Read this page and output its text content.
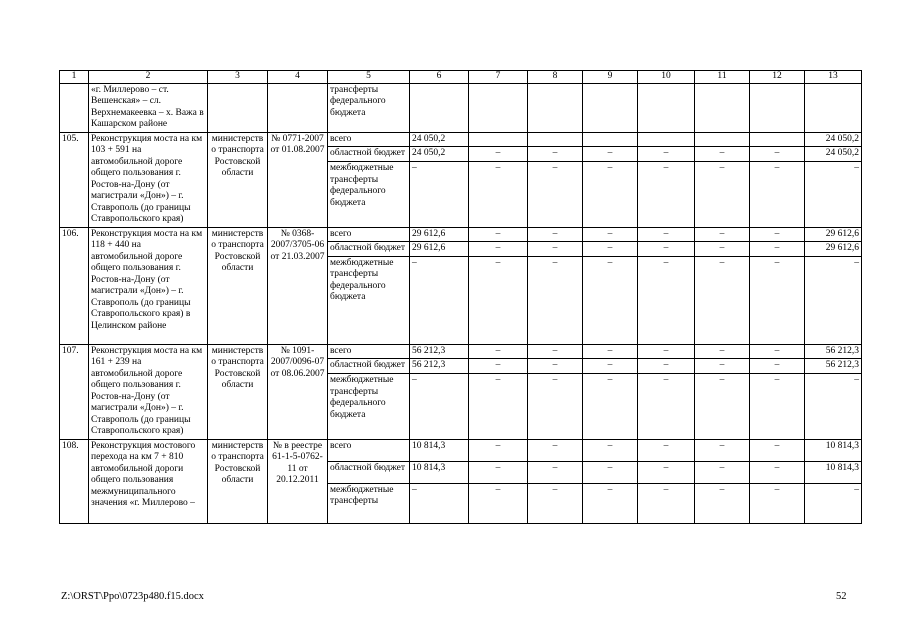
1	2	3	4	5	6	7	8	9	10	11	12	13
	«г. Миллерово – ст. Вешенская» – сл. Верхнемакеевка – х. Важа в Кашарском районе			трансферты федерального бюджета								
105.	Реконструкция моста на км 103 + 591 на автомобильной дороге общего пользования г. Ростов-на-Дону (от магистрали «Дон») – г. Ставрополь (до границы Ставропольского края)	министерство транспорта Ростовской области	№ 0771-2007 от 01.08.2007	всего	24 050,2							24 050,2
				областной бюджет	24 050,2	–	–	–	–	–	–	24 050,2
				межбюджетные трансферты федерального бюджета	–	–	–	–	–	–	–	–
106.	Реконструкция моста на км 118 + 440 на автомобильной дороге общего пользования г. Ростов-на-Дону (от магистрали «Дон») – г. Ставрополь (до границы Ставропольского края) в Целинском районе	министерство транспорта Ростовской области	№ 0368-2007/3705-06 от 21.03.2007	всего	29 612,6	–	–	–	–	–	–	29 612,6
				областной бюджет	29 612,6	–	–	–	–	–	–	29 612,6
				межбюджетные трансферты федерального бюджета	–	–	–	–	–	–	–	–
107.	Реконструкция моста на км 161 + 239 на автомобильной дороге общего пользования г. Ростов-на-Дону (от магистрали «Дон») – г. Ставрополь (до границы Ставропольского края)	министерство транспорта Ростовской области	№ 1091-2007/0096-07 от 08.06.2007	всего	56 212,3	–	–	–	–	–	–	56 212,3
				областной бюджет	56 212,3	–	–	–	–	–	–	56 212,3
				межбюджетные трансферты федерального бюджета	–	–	–	–	–	–	–	–
108.	Реконструкция мостового перехода на км 7 + 810 автомобильной дороги общего пользования межмуниципального значения «г. Миллерово –	министерство транспорта Ростовской области	№ в реестре 61-1-5-0762-11 от 20.12.2011	всего	10 814,3	–	–	–	–	–	–	10 814,3
				областной бюджет	10 814,3	–	–	–	–	–	–	10 814,3
				межбюджетные трансферты	–	–	–	–	–	–	–	–
Z:\ORST\Ppo\0723p480.f15.docx	52
